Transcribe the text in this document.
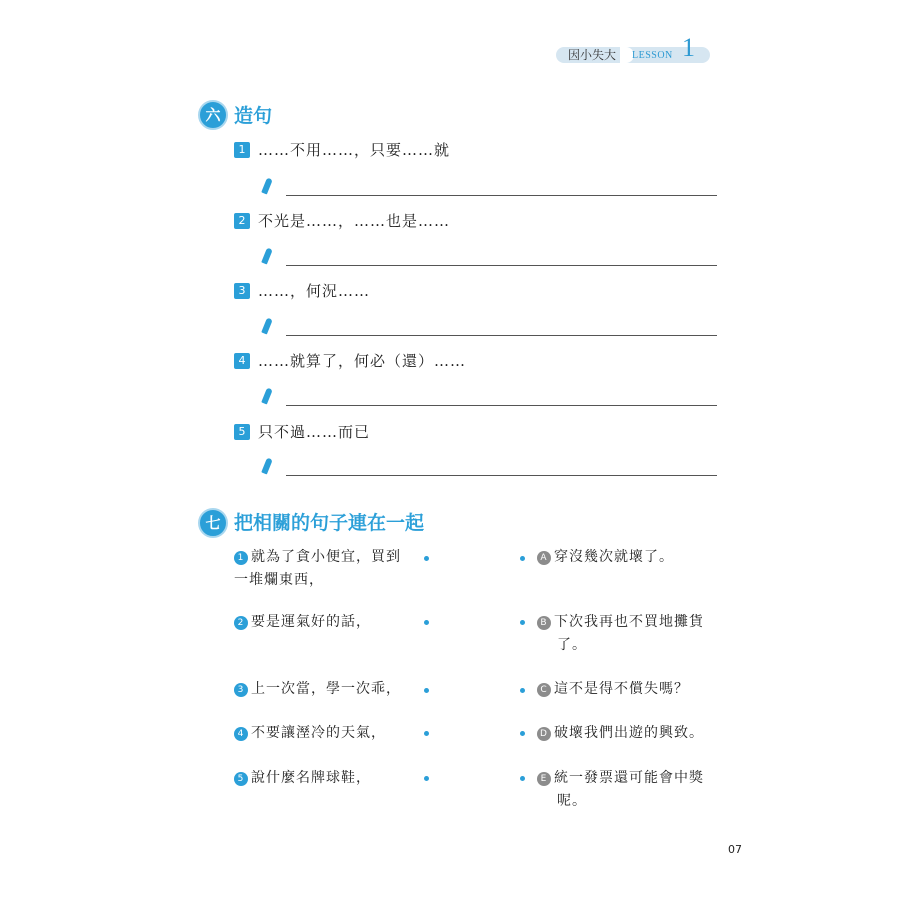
因小失大 LESSON 1
六 造句
1 ……不用……，只要……就
2 不光是……，……也是……
3 ……，何況……
4 ……就算了，何必（還）……
5 只不過……而已
七 把相關的句子連在一起
1 就為了貪小便宜，買到
一堆爛東西，
2 要是運氣好的話，
3 上一次當，學一次乖，
4 不要讓溼冷的天氣，
5 說什麼名牌球鞋，
A 穿沒幾次就壞了。
B 下次我再也不買地攤貨
了。
C 這不是得不償失嗎？
D 破壞我們出遊的興致。
E 統一發票還可能會中獎
呢。
07
